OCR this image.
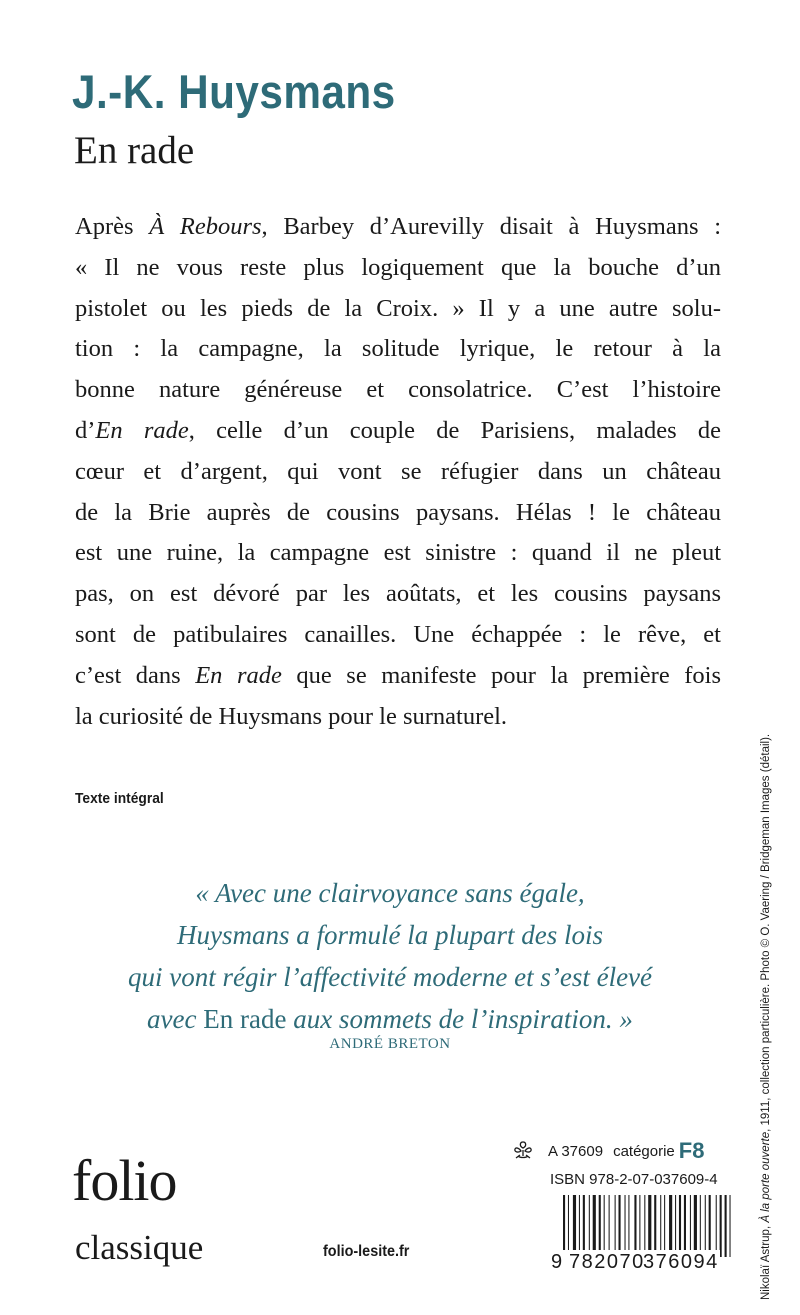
J.-K. Huysmans
En rade
Après À Rebours, Barbey d’Aurevilly disait à Huysmans :
« Il ne vous reste plus logiquement que la bouche d’un
pistolet ou les pieds de la Croix. » Il y a une autre solu-
tion : la campagne, la solitude lyrique, le retour à la
bonne nature généreuse et consolatrice. C’est l’histoire
d’En rade, celle d’un couple de Parisiens, malades de
cœur et d’argent, qui vont se réfugier dans un château
de la Brie auprès de cousins paysans. Hélas ! le château
est une ruine, la campagne est sinistre : quand il ne pleut
pas, on est dévoré par les aoûtats, et les cousins paysans
sont de patibulaires canailles. Une échappée : le rêve, et
c’est dans En rade que se manifeste pour la première fois
la curiosité de Huysmans pour le surnaturel.
Texte intégral
« Avec une clairvoyance sans égale,
Huysmans a formulé la plupart des lois
qui vont régir l’affectivité moderne et s’est élevé
avec En rade aux sommets de l’inspiration. »
ANDRÉ BRETON
folio
classique	folio-lesite.fr
A 37609 catégorie F8
ISBN 978-2-07-037609-4
9 782070
376094	Nikolaï Astrup, À la porte ouverte, 1911, collection particulière. Photo © O. Vaering / Bridgeman Images (détail).
